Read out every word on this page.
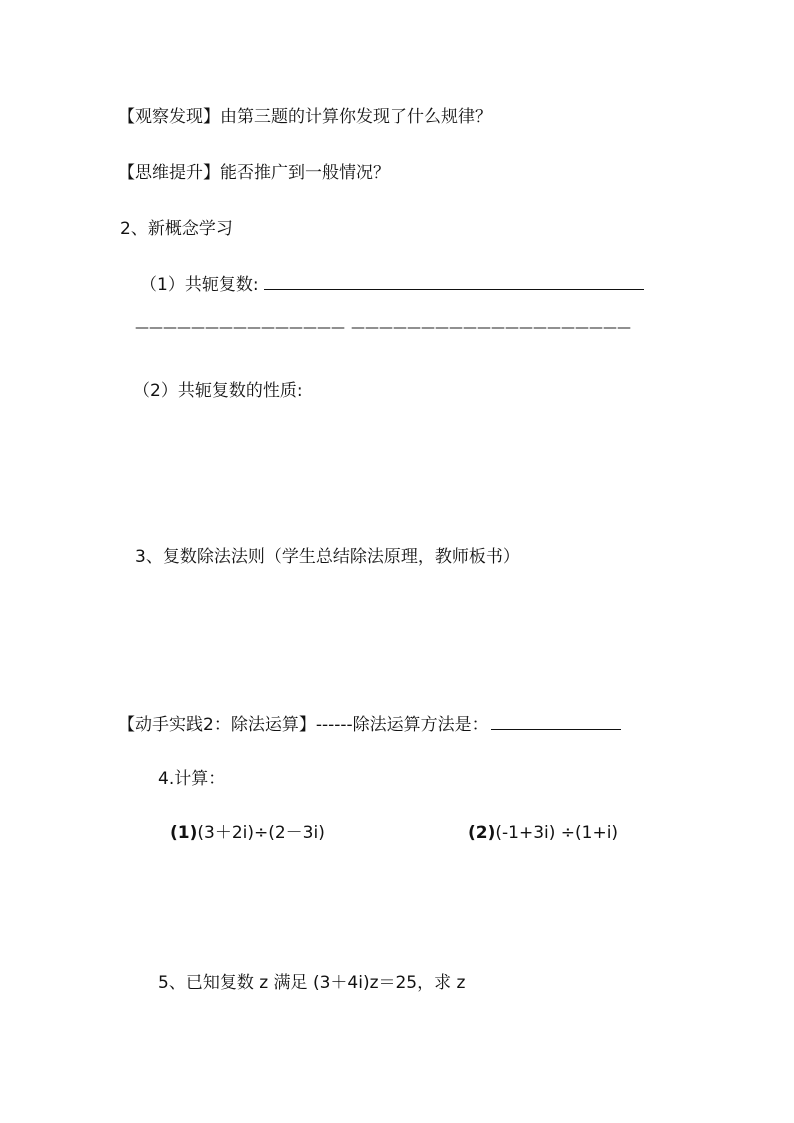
【观察发现】由第三题的计算你发现了什么规律？
【思维提升】能否推广到一般情况？
2、新概念学习
（1）共轭复数:
——————————————— ————————————————————
（2）共轭复数的性质:
3、复数除法法则（学生总结除法原理，教师板书）
【动手实践2：除法运算】------除法运算方法是：
4.计算：
(1)(3＋2i)÷(2－3i)	(2)(-1+3i) ÷(1+i)
5、已知复数 z 满足 (3＋4i)z＝25，求 z
